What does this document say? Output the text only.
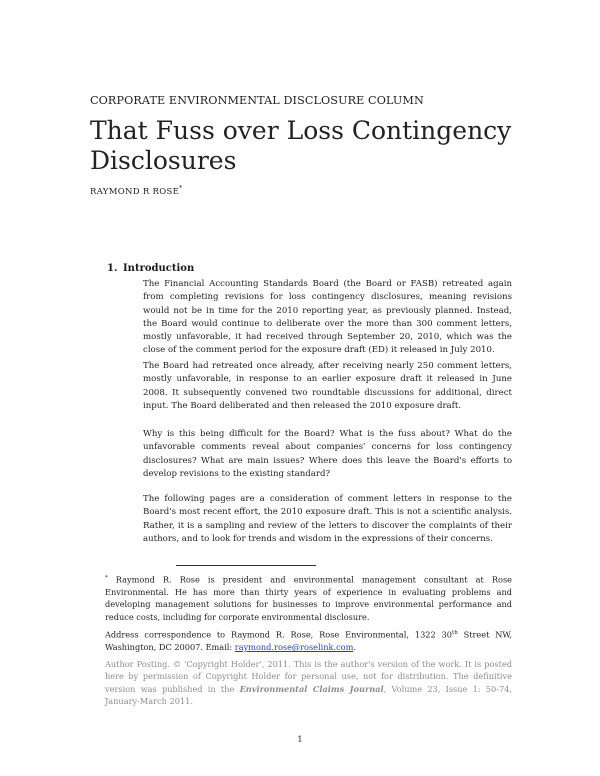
CORPORATE ENVIRONMENTAL DISCLOSURE COLUMN
That Fuss over Loss Contingency Disclosures
RAYMOND R ROSE*
1. Introduction

The Financial Accounting Standards Board (the Board or FASB) retreated again from completing revisions for loss contingency disclosures, meaning revisions would not be in time for the 2010 reporting year, as previously planned. Instead, the Board would continue to deliberate over the more than 300 comment letters, mostly unfavorable, it had received through September 20, 2010, which was the close of the comment period for the exposure draft (ED) it released in July 2010.

The Board had retreated once already, after receiving nearly 250 comment letters, mostly unfavorable, in response to an earlier exposure draft it released in June 2008. It subsequently convened two roundtable discussions for additional, direct input. The Board deliberated and then released the 2010 exposure draft.

Why is this being difficult for the Board? What is the fuss about? What do the unfavorable comments reveal about companies' concerns for loss contingency disclosures? What are main issues? Where does this leave the Board's efforts to develop revisions to the existing standard?

The following pages are a consideration of comment letters in response to the Board's most recent effort, the 2010 exposure draft. This is not a scientific analysis. Rather, it is a sampling and review of the letters to discover the complaints of their authors, and to look for trends and wisdom in the expressions of their concerns.

* Raymond R. Rose is president and environmental management consultant at Rose Environmental. He has more than thirty years of experience in evaluating problems and developing management solutions for businesses to improve environmental performance and reduce costs, including for corporate environmental disclosure.

Address correspondence to Raymond R. Rose, Rose Environmental, 1322 30th Street NW, Washington, DC 20007. Email: raymond.rose@roselink.com.

Author Posting. © 'Copyright Holder', 2011. This is the author's version of the work. It is posted here by permission of Copyright Holder for personal use, not for distribution. The definitive version was published in the Environmental Claims Journal, Volume 23, Issue 1: 50-74, January-March 2011.

1
